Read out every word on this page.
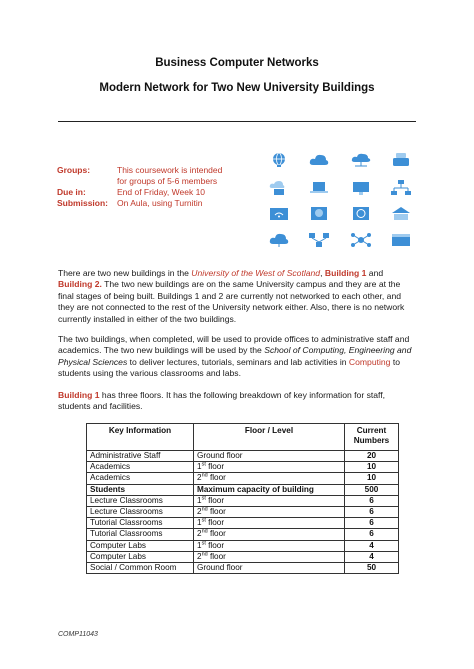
Business Computer Networks
Modern Network for Two New University Buildings
Groups:	This coursework is intended
for groups of 5-6 members
Due in:	End of Friday, Week 10
Submission: On Aula, using Turnitin
There are two new buildings in the University of the West of Scotland, Building 1 and Building 2. The two new buildings are on the same University campus and they are at the final stages of being built. Buildings 1 and 2 are currently not networked to each other, and they are not connected to the rest of the University network either. Also, there is no network currently installed in either of the two buildings.
The two buildings, when completed, will be used to provide offices to administrative staff and academics. The two new buildings will be used by the School of Computing, Engineering and Physical Sciences to deliver lectures, tutorials, seminars and lab activities in Computing to students using the various classrooms and labs.
Building 1 has three floors. It has the following breakdown of key information for staff, students and facilities.
Key Information	Floor / Level	Current Numbers
Administrative Staff	Ground floor	20
Academics	1st floor	10
Academics	2nd floor	10
Students	Maximum capacity of building	500
Lecture Classrooms	1st floor	6
Lecture Classrooms	2nd floor	6
Tutorial Classrooms	1st floor	6
Tutorial Classrooms	2nd floor	6
Computer Labs	1st floor	4
Computer Labs	2nd floor	4
Social / Common Room	Ground floor	50
COMP11043
